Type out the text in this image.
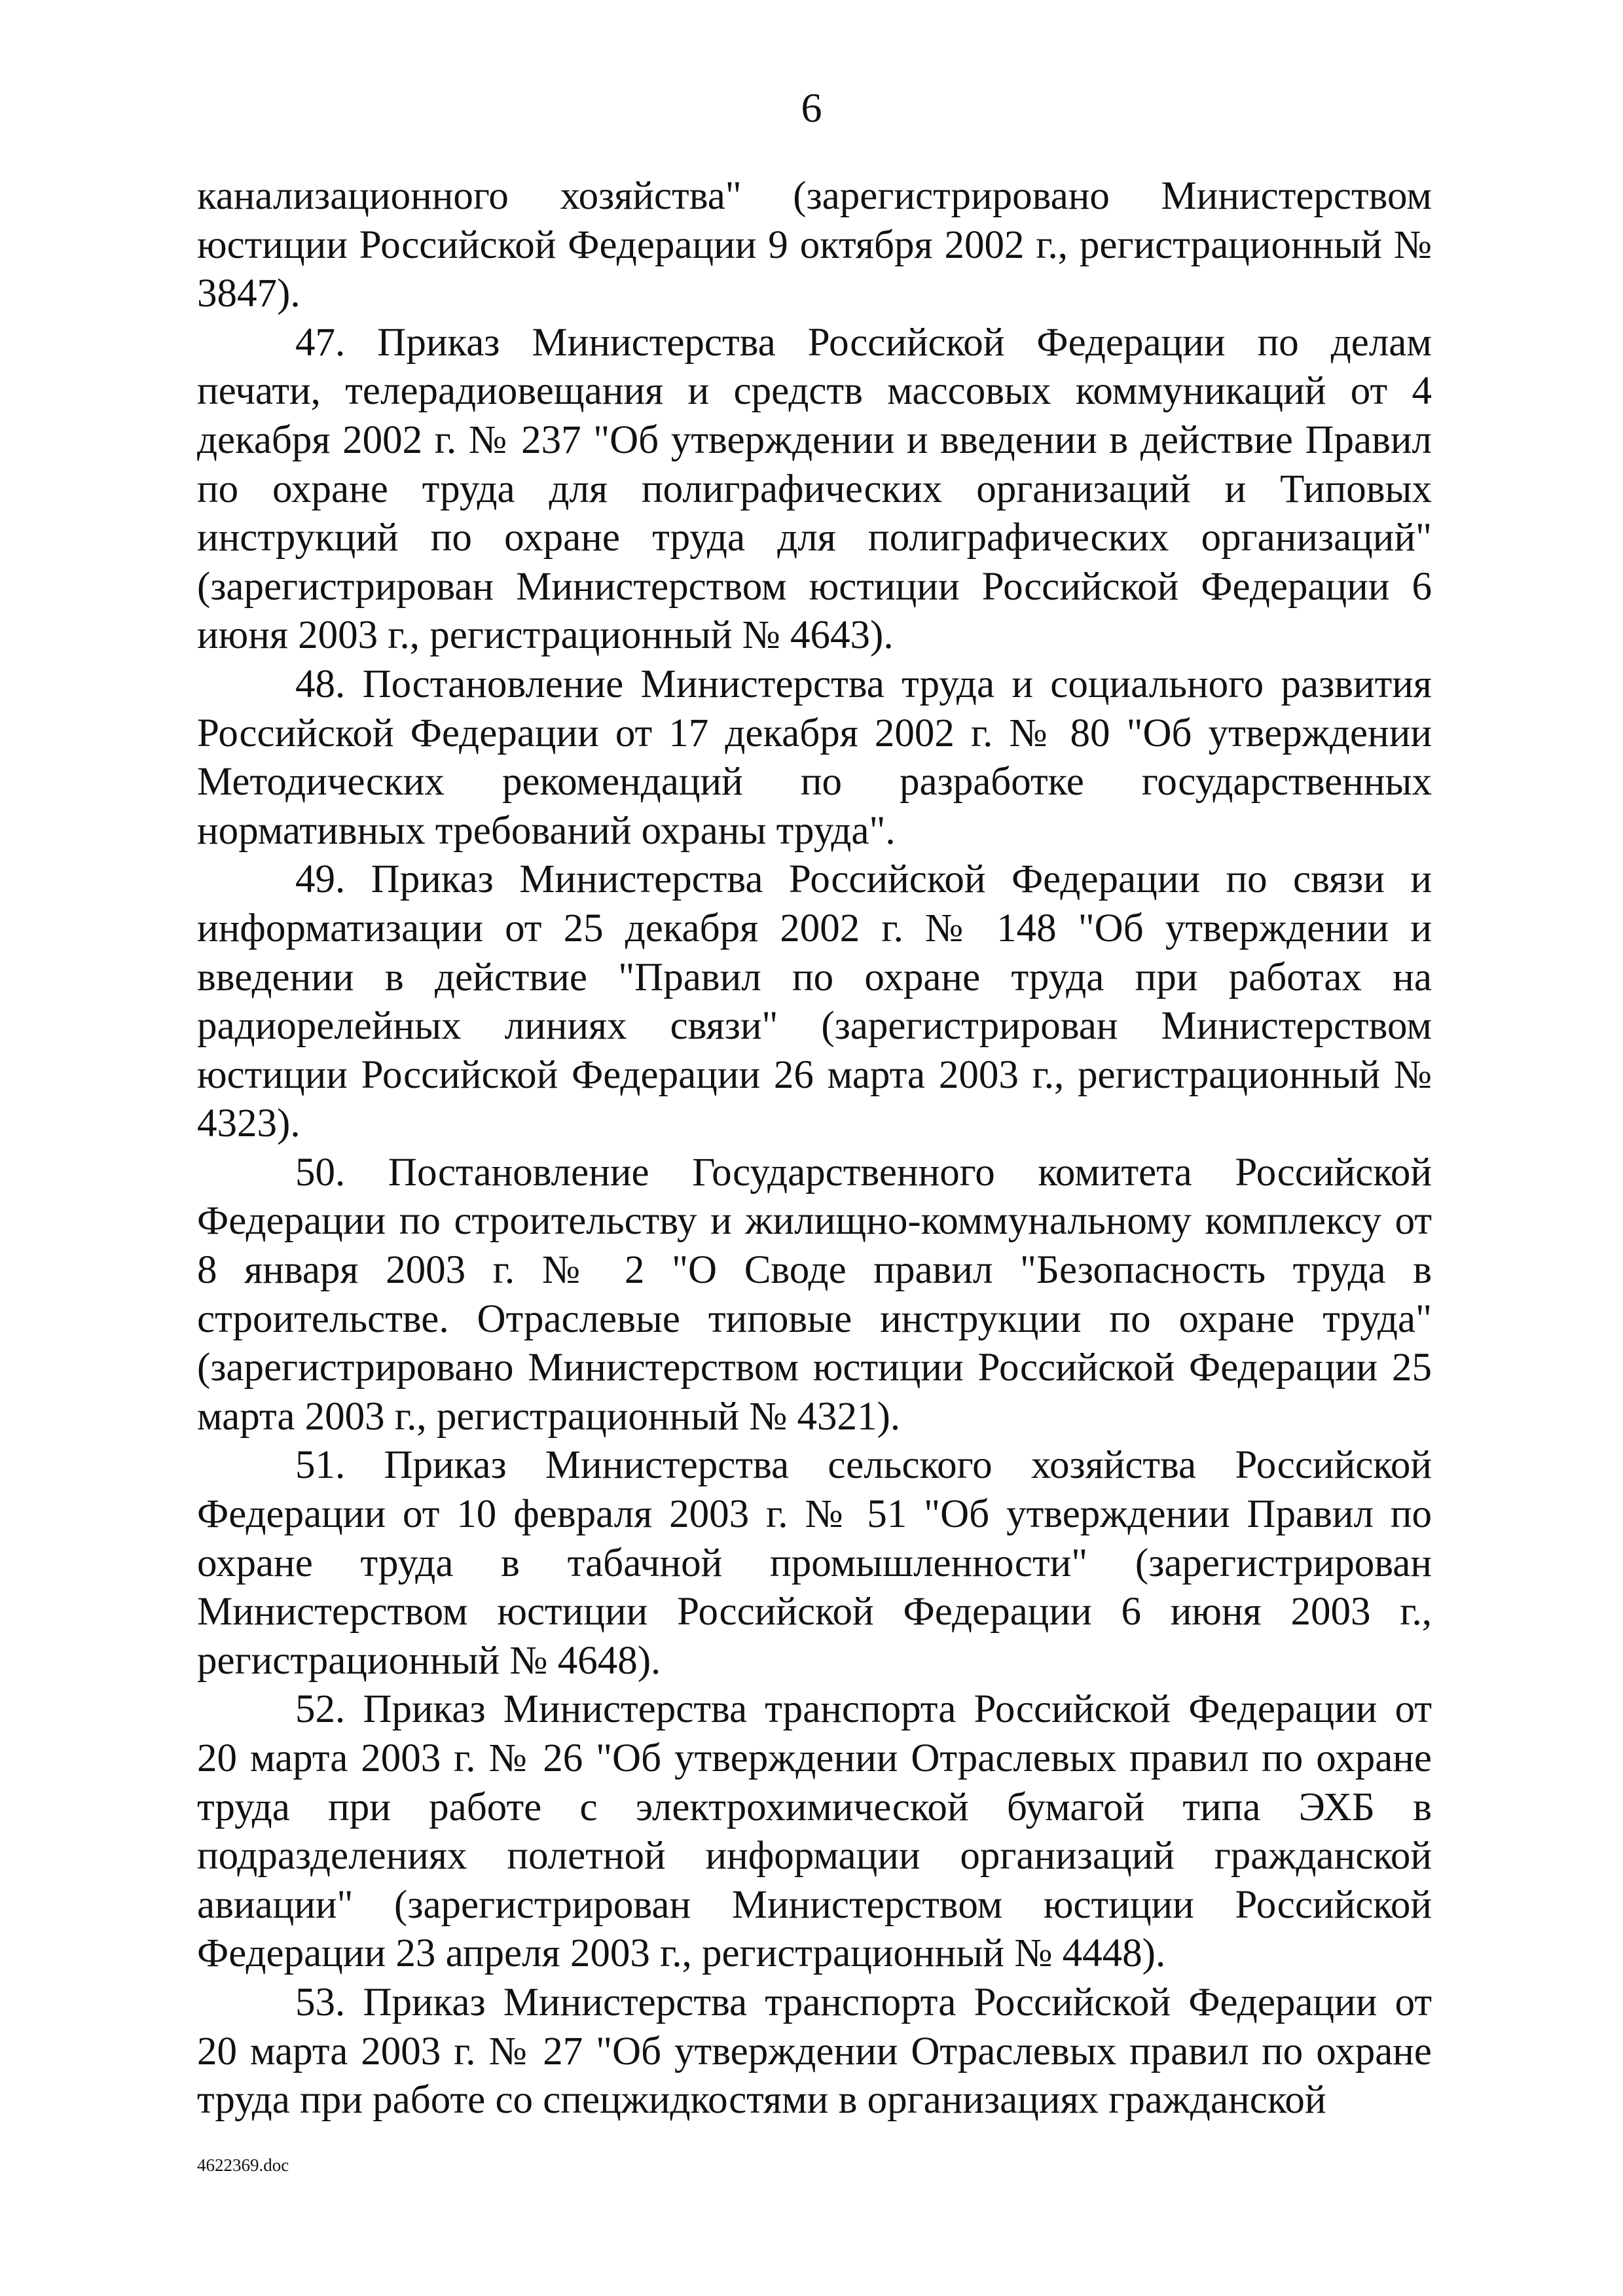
6

канализационного хозяйства" (зарегистрировано Министерством юстиции Российской Федерации 9 октября 2002 г., регистрационный № 3847).

47. Приказ Министерства Российской Федерации по делам печати, телерадиовещания и средств массовых коммуникаций от 4 декабря 2002 г. № 237 "Об утверждении и введении в действие Правил по охране труда для полиграфических организаций и Типовых инструкций по охране труда для полиграфических организаций" (зарегистрирован Министерством юстиции Российской Федерации 6 июня 2003 г., регистрационный № 4643).

48. Постановление Министерства труда и социального развития Российской Федерации от 17 декабря 2002 г. № 80 "Об утверждении Методических рекомендаций по разработке государственных нормативных требований охраны труда".

49. Приказ Министерства Российской Федерации по связи и информатизации от 25 декабря 2002 г. № 148 "Об утверждении и введении в действие "Правил по охране труда при работах на радиорелейных линиях связи" (зарегистрирован Министерством юстиции Российской Федерации 26 марта 2003 г., регистрационный № 4323).

50. Постановление Государственного комитета Российской Федерации по строительству и жилищно-коммунальному комплексу от 8 января 2003 г. № 2 "О Своде правил "Безопасность труда в строительстве. Отраслевые типовые инструкции по охране труда" (зарегистрировано Министерством юстиции Российской Федерации 25 марта 2003 г., регистрационный № 4321).

51. Приказ Министерства сельского хозяйства Российской Федерации от 10 февраля 2003 г. № 51 "Об утверждении Правил по охране труда в табачной промышленности" (зарегистрирован Министерством юстиции Российской Федерации 6 июня 2003 г., регистрационный № 4648).

52. Приказ Министерства транспорта Российской Федерации от 20 марта 2003 г. № 26 "Об утверждении Отраслевых правил по охране труда при работе с электрохимической бумагой типа ЭХБ в подразделениях полетной информации организаций гражданской авиации" (зарегистрирован Министерством юстиции Российской Федерации 23 апреля 2003 г., регистрационный № 4448).

53. Приказ Министерства транспорта Российской Федерации от 20 марта 2003 г. № 27 "Об утверждении Отраслевых правил по охране труда при работе со спецжидкостями в организациях гражданской

4622369.doc
